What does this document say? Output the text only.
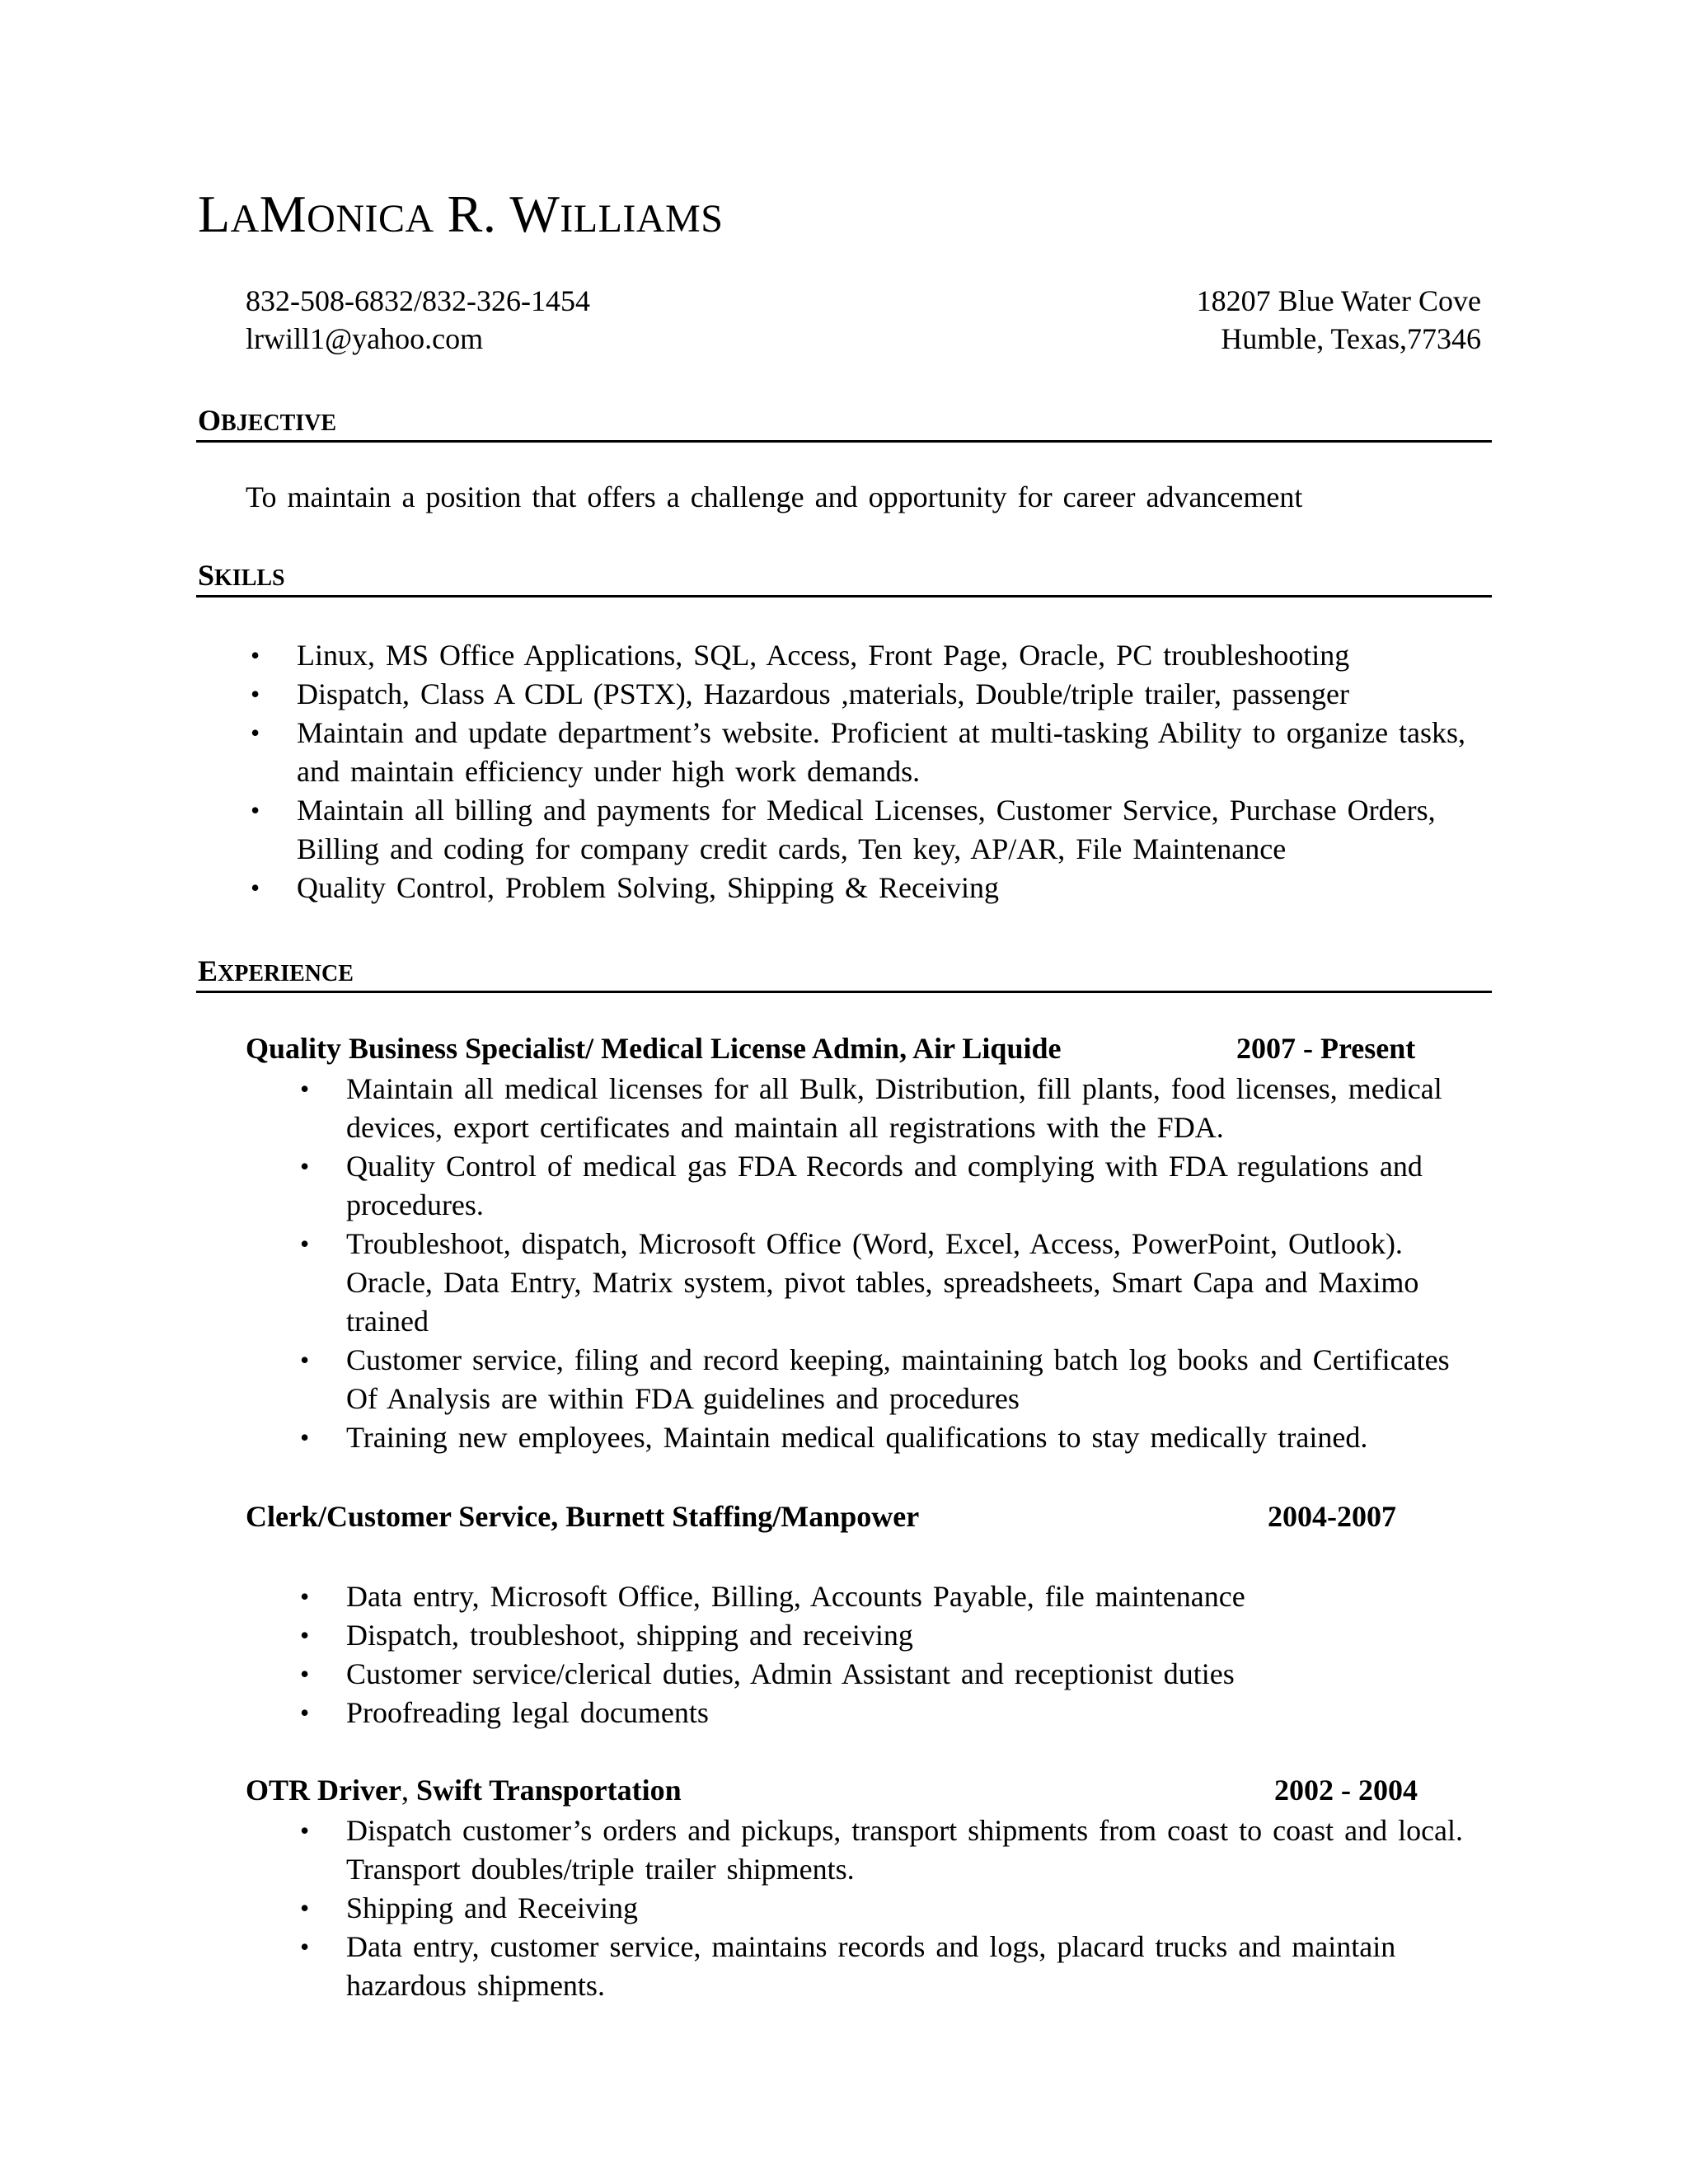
LAMONICA R. WILLIAMS
832-508-6832/832-326-1454
lrwill1@yahoo.com
18207 Blue Water Cove
Humble, Texas,77346
OBJECTIVE
To maintain a position that offers a challenge and opportunity for career advancement
SKILLS
• Linux, MS Office Applications, SQL, Access, Front Page, Oracle, PC troubleshooting
• Dispatch, Class A CDL (PSTX), Hazardous ,materials, Double/triple trailer, passenger
• Maintain and update department’s website. Proficient at multi-tasking Ability to organize tasks, and maintain efficiency under high work demands.
• Maintain all billing and payments for Medical Licenses, Customer Service, Purchase Orders, Billing and coding for company credit cards, Ten key, AP/AR, File Maintenance
• Quality Control, Problem Solving, Shipping & Receiving
EXPERIENCE
Quality Business Specialist/ Medical License Admin, Air Liquide	2007 - Present
• Maintain all medical licenses for all Bulk, Distribution, fill plants, food licenses, medical devices, export certificates and maintain all registrations with the FDA.
• Quality Control of medical gas FDA Records and complying with FDA regulations and procedures.
• Troubleshoot, dispatch, Microsoft Office (Word, Excel, Access, PowerPoint, Outlook). Oracle, Data Entry, Matrix system, pivot tables, spreadsheets, Smart Capa and Maximo trained
• Customer service, filing and record keeping, maintaining batch log books and Certificates Of Analysis are within FDA guidelines and procedures
• Training new employees, Maintain medical qualifications to stay medically trained.
Clerk/Customer Service, Burnett Staffing/Manpower	2004-2007
• Data entry, Microsoft Office, Billing, Accounts Payable, file maintenance
• Dispatch, troubleshoot, shipping and receiving
• Customer service/clerical duties, Admin Assistant and receptionist duties
• Proofreading legal documents
OTR Driver, Swift Transportation	2002 - 2004
• Dispatch customer’s orders and pickups, transport shipments from coast to coast and local. Transport doubles/triple trailer shipments.
• Shipping and Receiving
• Data entry, customer service, maintains records and logs, placard trucks and maintain hazardous shipments.
